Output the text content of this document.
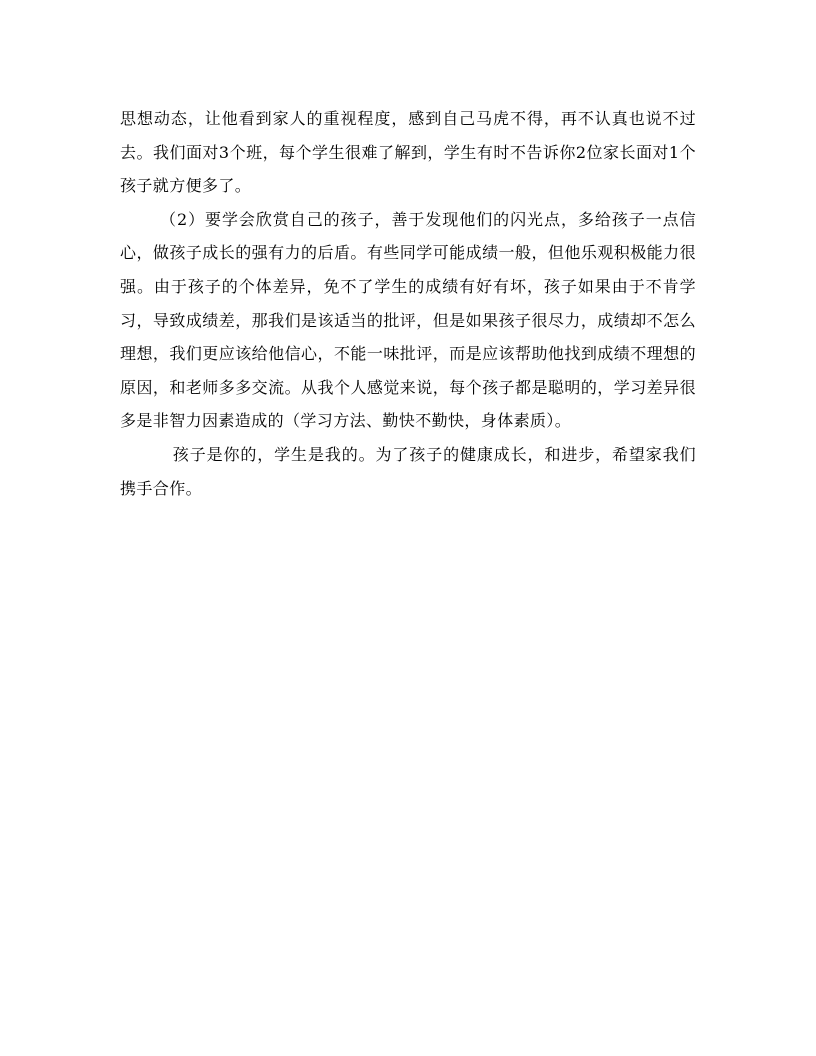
思想动态，让他看到家人的重视程度，感到自己马虎不得，再不认真也说不过去。我们面对3个班，每个学生很难了解到，学生有时不告诉你2位家长面对1个孩子就方便多了。

（2）要学会欣赏自己的孩子，善于发现他们的闪光点，多给孩子一点信心，做孩子成长的强有力的后盾。有些同学可能成绩一般，但他乐观积极能力很强。由于孩子的个体差异，免不了学生的成绩有好有坏，孩子如果由于不肯学习，导致成绩差，那我们是该适当的批评，但是如果孩子很尽力，成绩却不怎么理想，我们更应该给他信心，不能一味批评，而是应该帮助他找到成绩不理想的原因，和老师多多交流。从我个人感觉来说，每个孩子都是聪明的，学习差异很多是非智力因素造成的（学习方法、勤快不勤快，身体素质）。

孩子是你的，学生是我的。为了孩子的健康成长，和进步，希望家我们携手合作。
